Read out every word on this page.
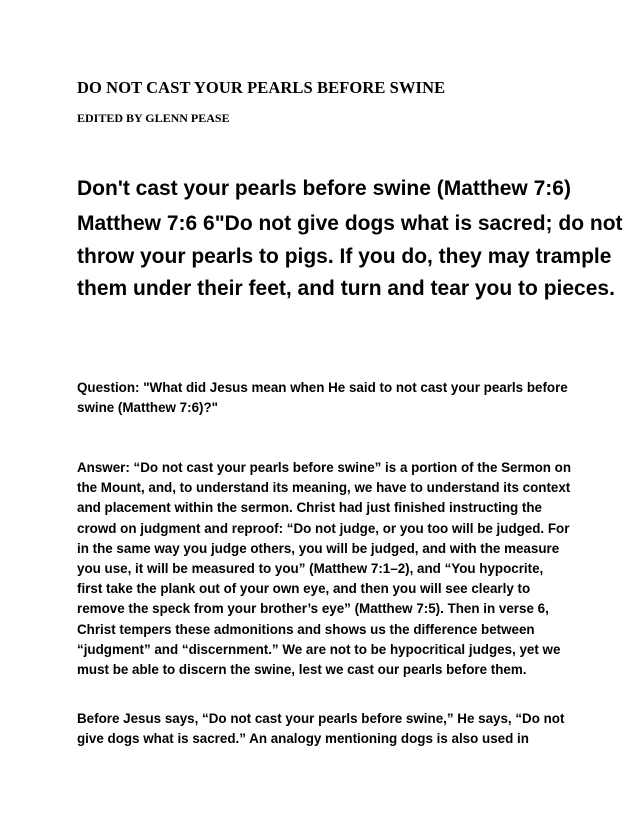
DO NOT CAST YOUR PEARLS BEFORE SWINE

EDITED BY GLENN PEASE

Don't cast your pearls before swine (Matthew 7:6)
Matthew 7:6 6"Do not give dogs what is sacred; do not
throw your pearls to pigs. If you do, they may trample
them under their feet, and turn and tear you to pieces.
Question: "What did Jesus mean when He said to not cast your pearls before
swine (Matthew 7:6)?"
Answer: “Do not cast your pearls before swine” is a portion of the Sermon on
the Mount, and, to understand its meaning, we have to understand its context
and placement within the sermon. Christ had just finished instructing the
crowd on judgment and reproof: “Do not judge, or you too will be judged. For
in the same way you judge others, you will be judged, and with the measure
you use, it will be measured to you” (Matthew 7:1–2), and “You hypocrite,
first take the plank out of your own eye, and then you will see clearly to
remove the speck from your brother’s eye” (Matthew 7:5). Then in verse 6,
Christ tempers these admonitions and shows us the difference between
“judgment” and “discernment.” We are not to be hypocritical judges, yet we
must be able to discern the swine, lest we cast our pearls before them.
Before Jesus says, “Do not cast your pearls before swine,” He says, “Do not
give dogs what is sacred.” An analogy mentioning dogs is also used in
